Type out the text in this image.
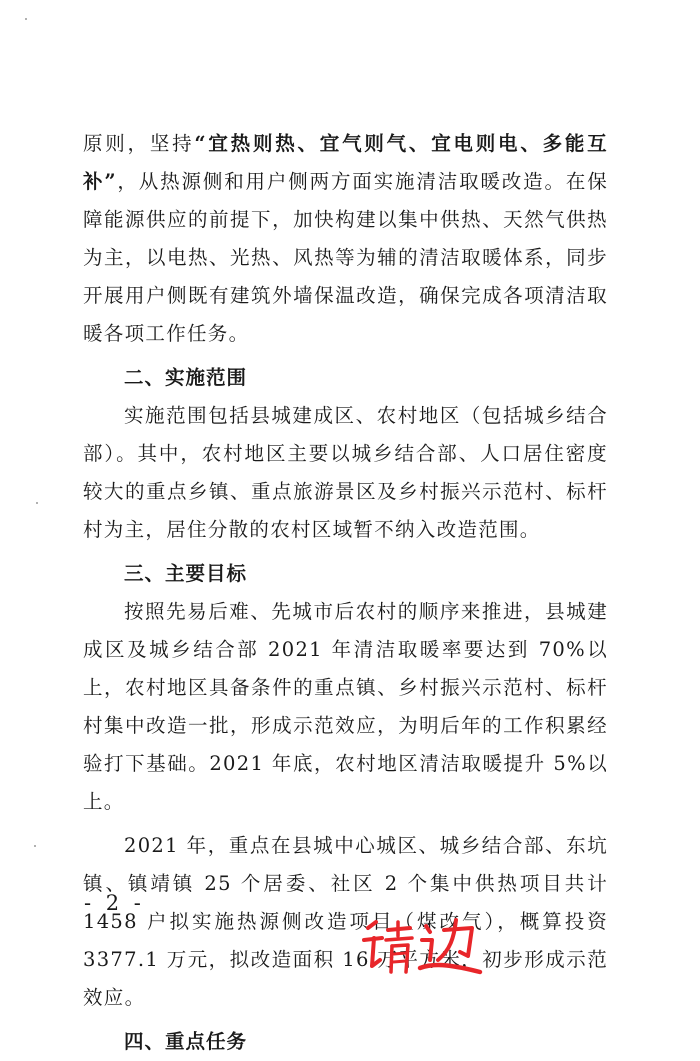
原则，坚持“宜热则热、宜气则气、宜电则电、多能互补”，从热源侧和用户侧两方面实施清洁取暖改造。在保障能源供应的前提下，加快构建以集中供热、天然气供热为主，以电热、光热、风热等为辅的清洁取暖体系，同步开展用户侧既有建筑外墙保温改造，确保完成各项清洁取暖各项工作任务。

二、实施范围

实施范围包括县城建成区、农村地区（包括城乡结合部）。其中，农村地区主要以城乡结合部、人口居住密度较大的重点乡镇、重点旅游景区及乡村振兴示范村、标杆村为主，居住分散的农村区域暂不纳入改造范围。

三、主要目标

按照先易后难、先城市后农村的顺序来推进，县城建成区及城乡结合部 2021 年清洁取暖率要达到 70%以上，农村地区具备条件的重点镇、乡村振兴示范村、标杆村集中改造一批，形成示范效应，为明后年的工作积累经验打下基础。2021 年底，农村地区清洁取暖提升 5%以上。

2021 年，重点在县城中心城区、城乡结合部、东坑镇、镇靖镇 25 个居委、社区 2 个集中供热项目共计 1458 户拟实施热源侧改造项目（煤改气），概算投资 3377.1 万元，拟改造面积 16 万平方米，初步形成示范效应。

四、重点任务

- 2 -
